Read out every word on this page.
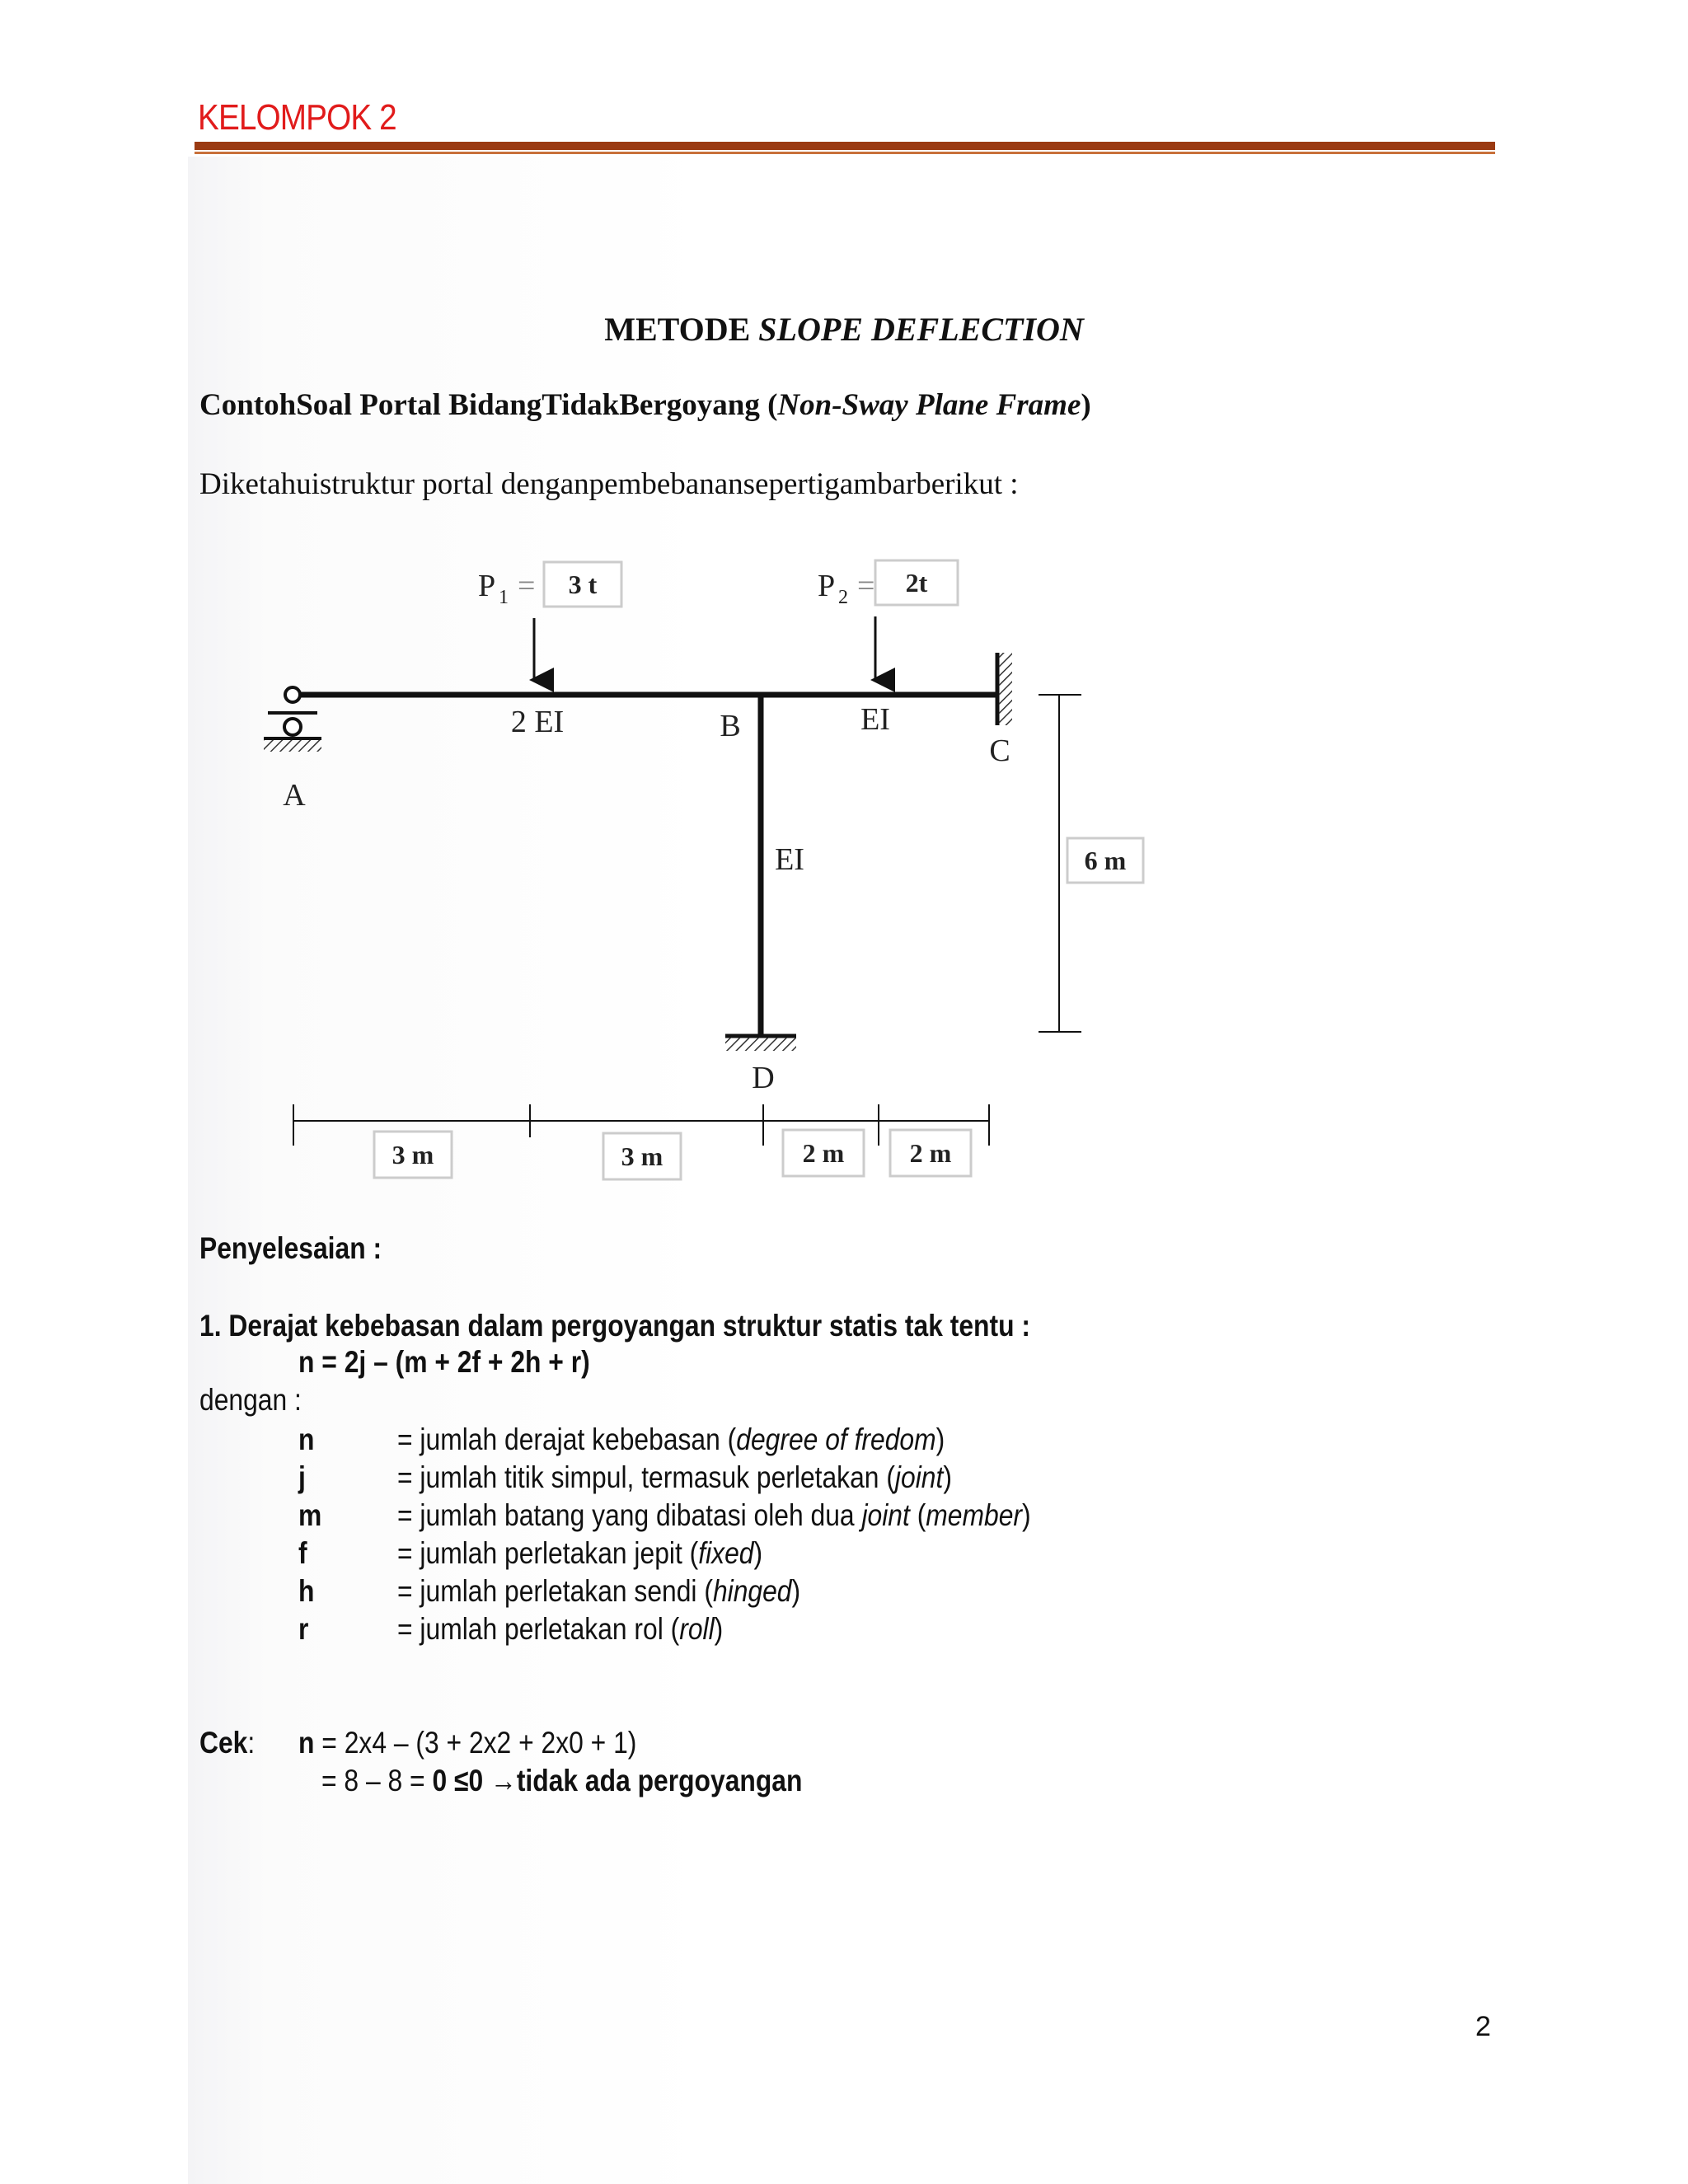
KELOMPOK 2
METODE SLOPE DEFLECTION
ContohSoal Portal BidangTidakBergoyang (Non-Sway Plane Frame)
Diketahuistruktur portal denganpembebanansepertigambarberikut :
P 1 = 3 t	P 2 = 2t
2 EI	EI
EI
A
B
C
D
6 m
3 m	3 m	2 m 2 m
Penyelesaian :
1. Derajat kebebasan dalam pergoyangan struktur statis tak tentu :
n = 2j – (m + 2f + 2h + r)
dengan :
n	= jumlah derajat kebebasan (degree of fredom)
j	= jumlah titik simpul, termasuk perletakan (joint)
m = jumlah batang yang dibatasi oleh dua joint (member)
f	= jumlah perletakan jepit (fixed)
h	= jumlah perletakan sendi (hinged)
r	= jumlah perletakan rol (roll)
Cek: n = 2x4 – (3 + 2x2 + 2x0 + 1)
= 8 – 8 = 0 ≤0 →tidak ada pergoyangan
2
